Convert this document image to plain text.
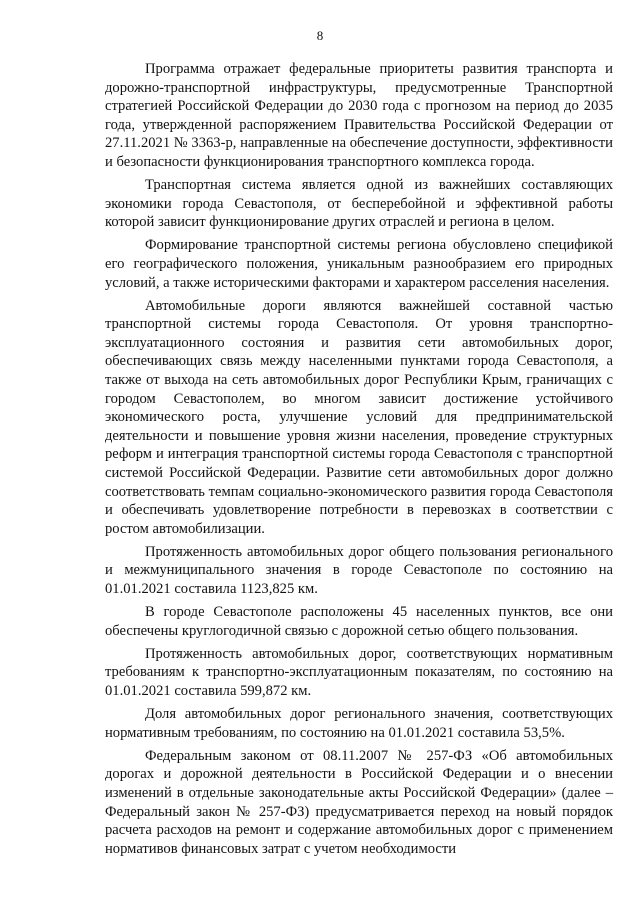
8

Программа отражает федеральные приоритеты развития транспорта и дорожно-транспортной инфраструктуры, предусмотренные Транспортной стратегией Российской Федерации до 2030 года с прогнозом на период до 2035 года, утвержденной распоряжением Правительства Российской Федерации от 27.11.2021 № 3363-р, направленные на обеспечение доступности, эффективности и безопасности функционирования транспортного комплекса города.

Транспортная система является одной из важнейших составляющих экономики города Севастополя, от бесперебойной и эффективной работы которой зависит функционирование других отраслей и региона в целом.

Формирование транспортной системы региона обусловлено спецификой его географического положения, уникальным разнообразием его природных условий, а также историческими факторами и характером расселения населения.

Автомобильные дороги являются важнейшей составной частью транспортной системы города Севастополя. От уровня транспортно-эксплуатационного состояния и развития сети автомобильных дорог, обеспечивающих связь между населенными пунктами города Севастополя, а также от выхода на сеть автомобильных дорог Республики Крым, граничащих с городом Севастополем, во многом зависит достижение устойчивого экономического роста, улучшение условий для предпринимательской деятельности и повышение уровня жизни населения, проведение структурных реформ и интеграция транспортной системы города Севастополя с транспортной системой Российской Федерации. Развитие сети автомобильных дорог должно соответствовать темпам социально-экономического развития города Севастополя и обеспечивать удовлетворение потребности в перевозках в соответствии с ростом автомобилизации.

Протяженность автомобильных дорог общего пользования регионального и межмуниципального значения в городе Севастополе по состоянию на 01.01.2021 составила 1123,825 км.

В городе Севастополе расположены 45 населенных пунктов, все они обеспечены круглогодичной связью с дорожной сетью общего пользования.

Протяженность автомобильных дорог, соответствующих нормативным требованиям к транспортно-эксплуатационным показателям, по состоянию на 01.01.2021 составила 599,872 км.

Доля автомобильных дорог регионального значения, соответствующих нормативным требованиям, по состоянию на 01.01.2021 составила 53,5%.

Федеральным законом от 08.11.2007 № 257-ФЗ «Об автомобильных дорогах и дорожной деятельности в Российской Федерации и о внесении изменений в отдельные законодательные акты Российской Федерации» (далее – Федеральный закон № 257-ФЗ) предусматривается переход на новый порядок расчета расходов на ремонт и содержание автомобильных дорог с применением нормативов финансовых затрат с учетом необходимости
